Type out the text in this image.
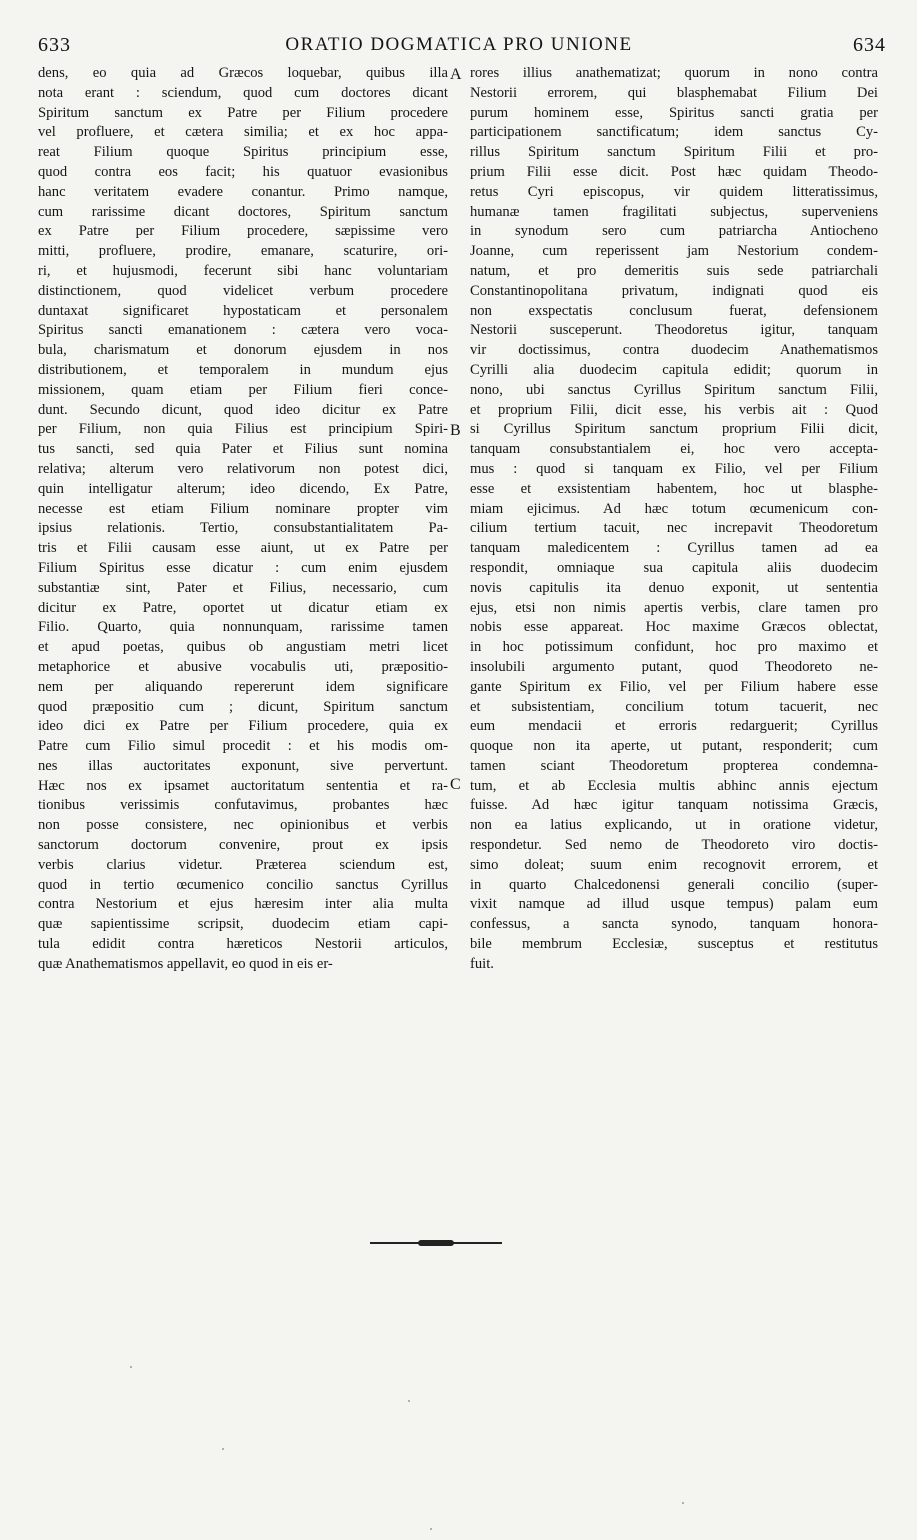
633	ORATIO DOGMATICA PRO UNIONE	634
dens, eo quia ad Græcos loquebar, quibus illa
nota erant : sciendum, quod cum doctores dicant
Spiritum sanctum ex Patre per Filium procedere
vel profluere, et cætera similia; et ex hoc appa-
reat Filium quoque Spiritus principium esse,
quod contra eos facit; his quatuor evasionibus
hanc veritatem evadere conantur. Primo namque,
cum rarissime dicant doctores, Spiritum sanctum
ex Patre per Filium procedere, sæpissime vero
mitti, profluere, prodire, emanare, scaturire, ori-
ri, et hujusmodi, fecerunt sibi hanc voluntariam
distinctionem, quod videlicet verbum procedere
duntaxat significaret hypostaticam et personalem
Spiritus sancti emanationem : cætera vero voca-
bula, charismatum et donorum ejusdem in nos
distributionem, et temporalem in mundum ejus
missionem, quam etiam per Filium fieri conce-
dunt. Secundo dicunt, quod ideo dicitur ex Patre
per Filium, non quia Filius est principium Spiri-
tus sancti, sed quia Pater et Filius sunt nomina
relativa; alterum vero relativorum non potest dici,
quin intelligatur alterum; ideo dicendo, Ex Patre,
necesse est etiam Filium nominare propter vim
ipsius relationis. Tertio, consubstantialitatem Pa-
tris et Filii causam esse aiunt, ut ex Patre per
Filium Spiritus esse dicatur : cum enim ejusdem
substantiæ sint, Pater et Filius, necessario, cum
dicitur ex Patre, oportet ut dicatur etiam ex
Filio. Quarto, quia nonnunquam, rarissime tamen
et apud poetas, quibus ob angustiam metri licet
metaphorice et abusive vocabulis uti, præpositio-
nem per aliquando repererunt idem significare
quod præpositio cum ; dicunt, Spiritum sanctum
ideo dici ex Patre per Filium procedere, quia ex
Patre cum Filio simul procedit : et his modis om-
nes illas auctoritates exponunt, sive pervertunt.
Hæc nos ex ipsamet auctoritatum sententia et ra-
tionibus verissimis confutavimus, probantes hæc
non posse consistere, nec opinionibus et verbis
sanctorum doctorum convenire, prout ex ipsis
verbis clarius videtur. Præterea sciendum est,
quod in tertio œcumenico concilio sanctus Cyrillus
contra Nestorium et ejus hæresim inter alia multa
quæ sapientissime scripsit, duodecim etiam capi-
tula edidit contra hæreticos Nestorii articulos,
quæ Anathematismos appellavit, eo quod in eis er-
rores illius anathematizat; quorum in nono contra
Nestorii errorem, qui blasphemabat Filium Dei
purum hominem esse, Spiritus sancti gratia per
participationem sanctificatum; idem sanctus Cy-
rillus Spiritum sanctum Spiritum Filii et pro-
prium Filii esse dicit. Post hæc quidam Theodo-
retus Cyri episcopus, vir quidem litteratissimus,
humanæ tamen fragilitati subjectus, superveniens
in synodum sero cum patriarcha Antiocheno
Joanne, cum reperissent jam Nestorium condem-
natum, et pro demeritis suis sede patriarchali
Constantinopolitana privatum, indignati quod eis
non exspectatis conclusum fuerat, defensionem
Nestorii susceperunt. Theodoretus igitur, tanquam
vir doctissimus, contra duodecim Anathematismos
Cyrilli alia duodecim capitula edidit; quorum in
nono, ubi sanctus Cyrillus Spiritum sanctum Filii,
et proprium Filii, dicit esse, his verbis ait : Quod
si Cyrillus Spiritum sanctum proprium Filii dicit,
tanquam consubstantialem ei, hoc vero accepta-
mus : quod si tanquam ex Filio, vel per Filium
esse et exsistentiam habentem, hoc ut blasphe-
miam ejicimus. Ad hæc totum œcumenicum con-
cilium tertium tacuit, nec increpavit Theodoretum
tanquam maledicentem : Cyrillus tamen ad ea
respondit, omniaque sua capitula aliis duodecim
novis capitulis ita denuo exponit, ut sententia
ejus, etsi non nimis apertis verbis, clare tamen pro
nobis esse appareat. Hoc maxime Græcos oblectat,
in hoc potissimum confidunt, hoc pro maximo et
insolubili argumento putant, quod Theodoreto ne-
gante Spiritum ex Filio, vel per Filium habere esse
et subsistentiam, concilium totum tacuerit, nec
eum mendacii et erroris redarguerit; Cyrillus
quoque non ita aperte, ut putant, responderit; cum
tamen sciant Theodoretum propterea condemna-
tum, et ab Ecclesia multis abhinc annis ejectum
fuisse. Ad hæc igitur tanquam notissima Græcis,
non ea latius explicando, ut in oratione videtur,
respondetur. Sed nemo de Theodoreto viro doctis-
simo doleat; suum enim recognovit errorem, et
in quarto Chalcedonensi generali concilio (super-
vixit namque ad illud usque tempus) palam eum
confessus, a sancta synodo, tanquam honora-
bile membrum Ecclesiæ, susceptus et restitutus
fuit.
A
B
C
